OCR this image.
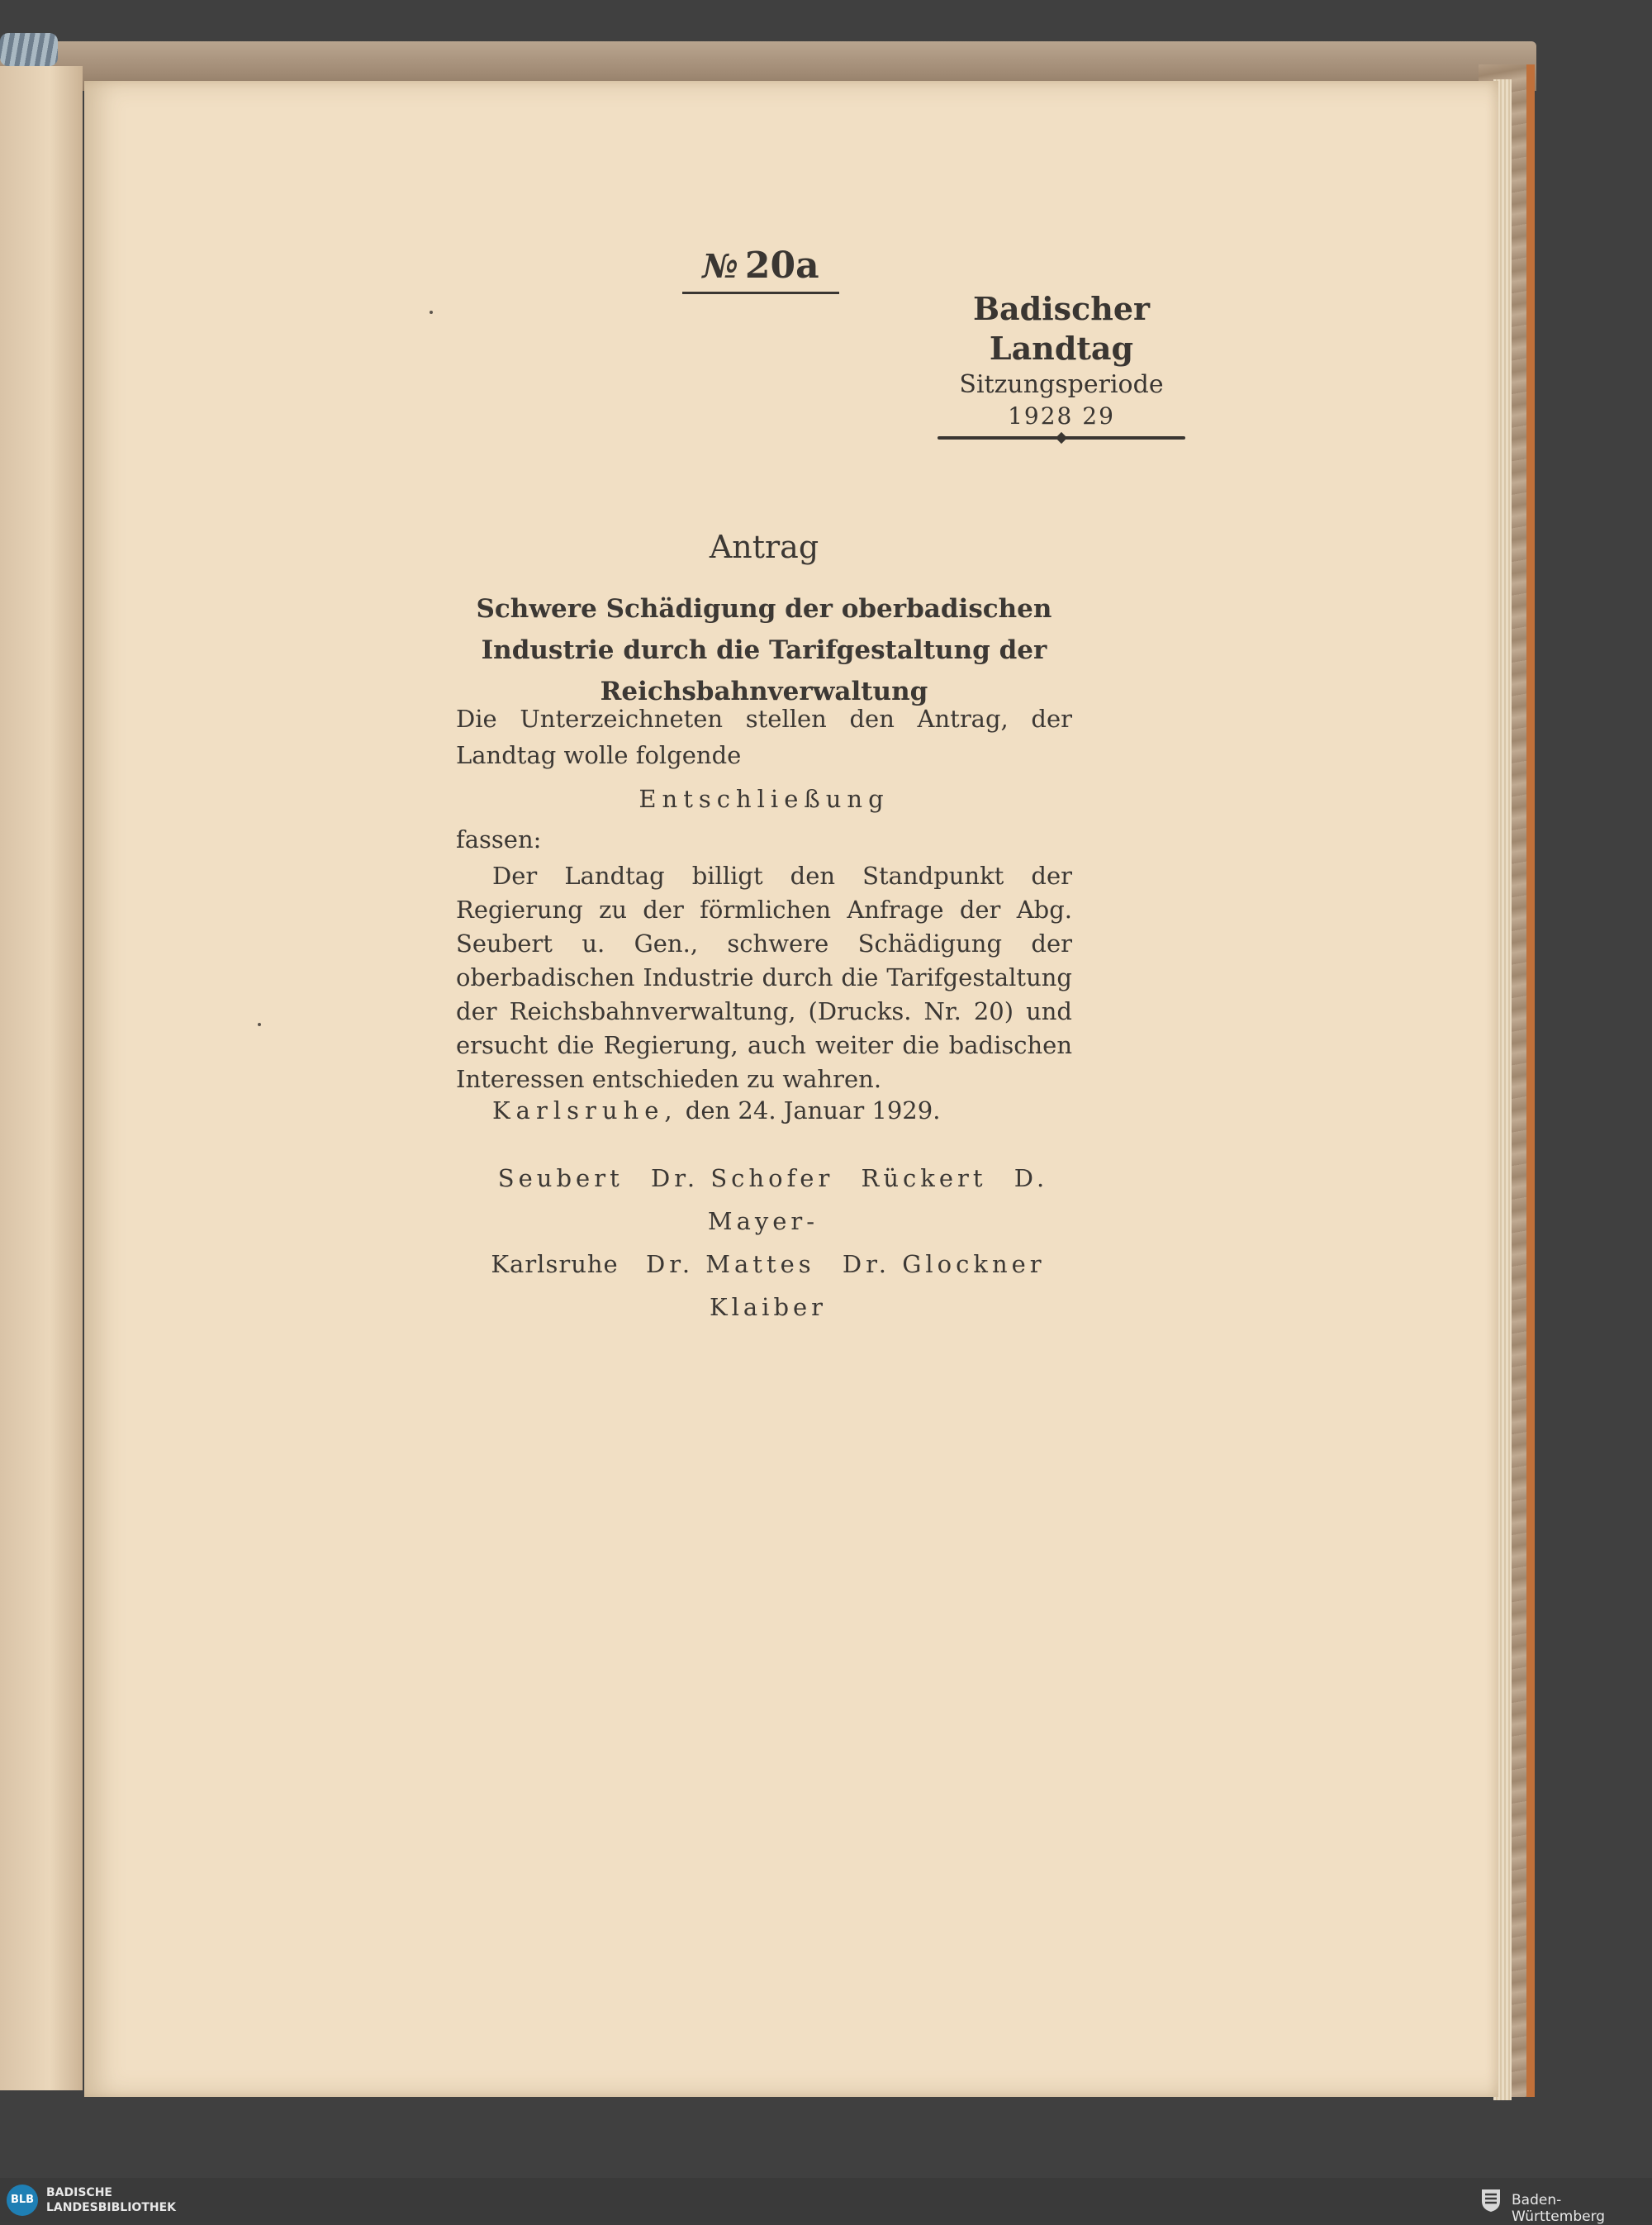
№ 20a
Badischer Landtag
Sitzungsperiode
1928 29
Antrag
Schwere Schädigung der oberbadischen Industrie durch die Tarifgestaltung der Reichsbahnverwaltung
Die Unterzeichneten stellen den Antrag, der Landtag wolle folgende
Entschließung
fassen:
Der Landtag billigt den Standpunkt der Regierung zu der förmlichen Anfrage der Abg. Seubert u. Gen., schwere Schädigung der oberbadischen Industrie durch die Tarifgestaltung der Reichsbahnverwaltung, (Drucks. Nr. 20) und ersucht die Regierung, auch weiter die badischen Interessen entschieden zu wahren.
Karlsruhe, den 24. Januar 1929.
Seubert Dr. Schofer Rückert D. Mayer-
Karlsruhe Dr. Mattes Dr. Glockner
Klaiber
BLB
BADISCHE
LANDESBIBLIOTHEK	Baden-Württemberg
